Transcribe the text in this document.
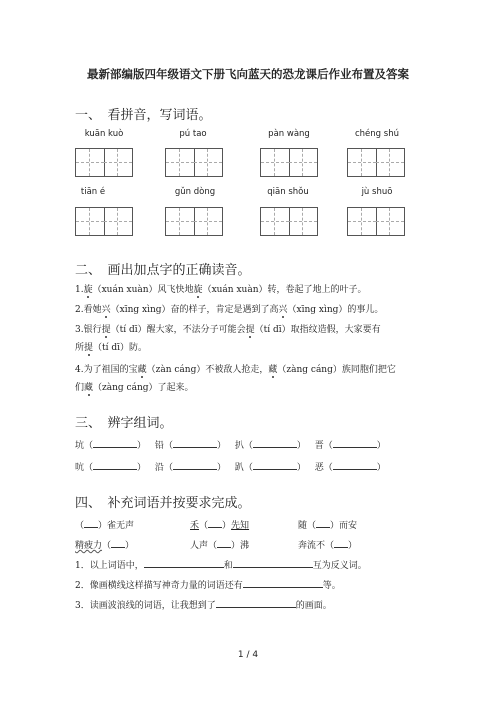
最新部编版四年级语文下册飞向蓝天的恐龙课后作业布置及答案
一、　看拼音，写词语。
kuān kuò	pú tao	pàn wàng	chéng shú
tiān é	gǔn dòng	qiān shǒu	jù shuō
二、　画出加点字的正确读音。
1.旋（xuán xuàn）风飞快地旋（xuán xuàn）转，卷起了地上的叶子。
2.看她兴（xīng xìng）奋的样子，肯定是遇到了高兴（xīng xìng）的事儿。
3.银行提（tí dī）醒大家，不法分子可能会提（tí dī）取指纹造假，大家要有
所提（tí dī）防。
4.为了祖国的宝藏（zàn cáng）不被敌人抢走，藏（zàng cáng）族同胞们把它
们藏（zàng cáng）了起来。
三、　辨字组词。
坑（	） 铅（	） 扒（	） 晋（	）
吭（	） 沿（	） 趴（	） 恶（	）
四、　补充词语并按要求完成。
（ ）雀无声	禾（ ）先知	随（ ）而安
精疲力（ ）	人声（ ）沸	奔流不（ ）
1．以上词语中，	和	互为反义词。
2．像画横线这样描写神奇力量的词语还有	等。
3．读画波浪线的词语，让我想到了	的画面。
1 / 4
